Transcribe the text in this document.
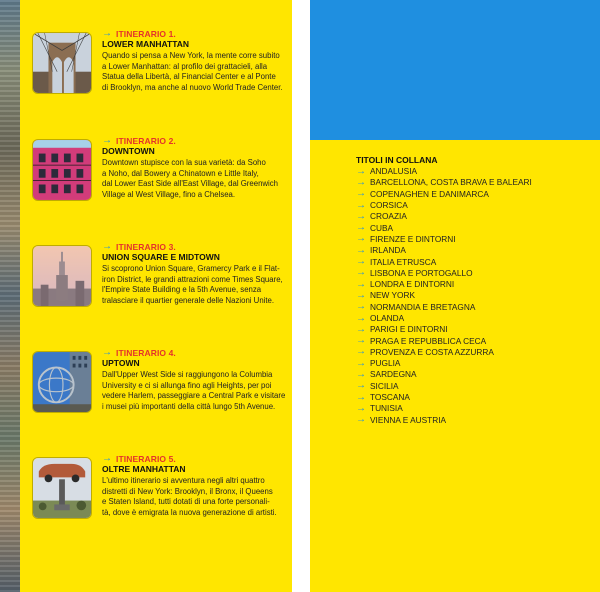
→ ITINERARIO 1.
LOWER MANHATTAN
Quando si pensa a New York, la mente corre subito
a Lower Manhattan: al profilo dei grattacieli, alla
Statua della Libertà, al Financial Center e al Ponte
di Brooklyn, ma anche al nuovo World Trade Center.
→ ITINERARIO 2.
DOWNTOWN
Downtown stupisce con la sua varietà: da Soho
a Noho, dal Bowery a Chinatown e Little Italy,
dal Lower East Side all'East Village, dal Greenwich
Village al West Village, fino a Chelsea.
→ ITINERARIO 3.
UNION SQUARE E MIDTOWN
Si scoprono Union Square, Gramercy Park e il Flat-
iron District, le grandi attrazioni come Times Square,
l'Empire State Building e la 5th Avenue, senza
tralasciare il quartier generale delle Nazioni Unite.
→ ITINERARIO 4.
UPTOWN
Dall'Upper West Side si raggiungono la Columbia
University e ci si allunga fino agli Heights, per poi
vedere Harlem, passeggiare a Central Park e visitare
i musei più importanti della città lungo 5th Avenue.
→ ITINERARIO 5.
OLTRE MANHATTAN
L'ultimo itinerario si avventura negli altri quattro
distretti di New York: Brooklyn, il Bronx, il Queens
e Staten Island, tutti dotati di una forte personali-
tà, dove è emigrata la nuova generazione di artisti.
TITOLI IN COLLANA
→ ANDALUSIA
→ BARCELLONA, COSTA BRAVA E BALEARI
→ COPENAGHEN E DANIMARCA
→ CORSICA
→ CROAZIA
→ CUBA
→ FIRENZE E DINTORNI
→ IRLANDA
→ ITALIA ETRUSCA
→ LISBONA E PORTOGALLO
→ LONDRA E DINTORNI
→ NEW YORK
→ NORMANDIA E BRETAGNA
→ OLANDA
→ PARIGI E DINTORNI
→ PRAGA E REPUBBLICA CECA
→ PROVENZA E COSTA AZZURRA
→ PUGLIA
→ SARDEGNA
→ SICILIA
→ TOSCANA
→ TUNISIA
→ VIENNA E AUSTRIA
